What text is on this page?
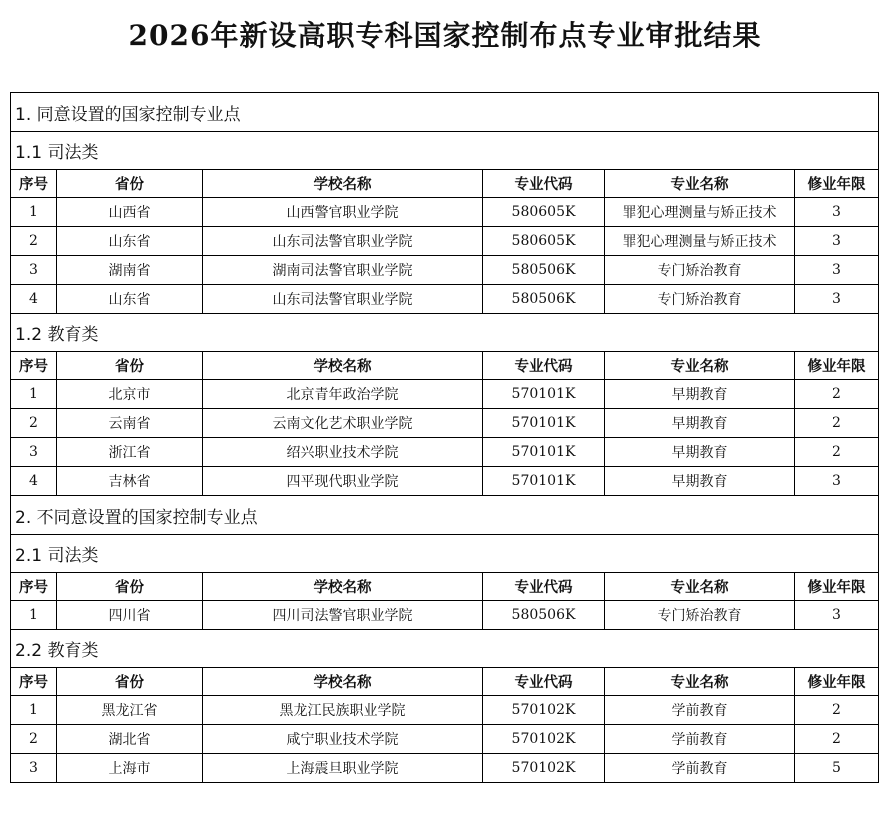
2026年新设高职专科国家控制布点专业审批结果
1. 同意设置的国家控制专业点					
1.1 司法类					
序号	省份	学校名称	专业代码	专业名称	修业年限
1	山西省	山西警官职业学院	580605K	罪犯心理测量与矫正技术	3
2	山东省	山东司法警官职业学院	580605K	罪犯心理测量与矫正技术	3
3	湖南省	湖南司法警官职业学院	580506K	专门矫治教育	3
4	山东省	山东司法警官职业学院	580506K	专门矫治教育	3
1.2 教育类					
序号	省份	学校名称	专业代码	专业名称	修业年限
1	北京市	北京青年政治学院	570101K	早期教育	2
2	云南省	云南文化艺术职业学院	570101K	早期教育	2
3	浙江省	绍兴职业技术学院	570101K	早期教育	2
4	吉林省	四平现代职业学院	570101K	早期教育	3
2. 不同意设置的国家控制专业点					
2.1 司法类					
序号	省份	学校名称	专业代码	专业名称	修业年限
1	四川省	四川司法警官职业学院	580506K	专门矫治教育	3
2.2 教育类					
序号	省份	学校名称	专业代码	专业名称	修业年限
1	黑龙江省	黑龙江民族职业学院	570102K	学前教育	2
2	湖北省	咸宁职业技术学院	570102K	学前教育	2
3	上海市	上海震旦职业学院	570102K	学前教育	5
